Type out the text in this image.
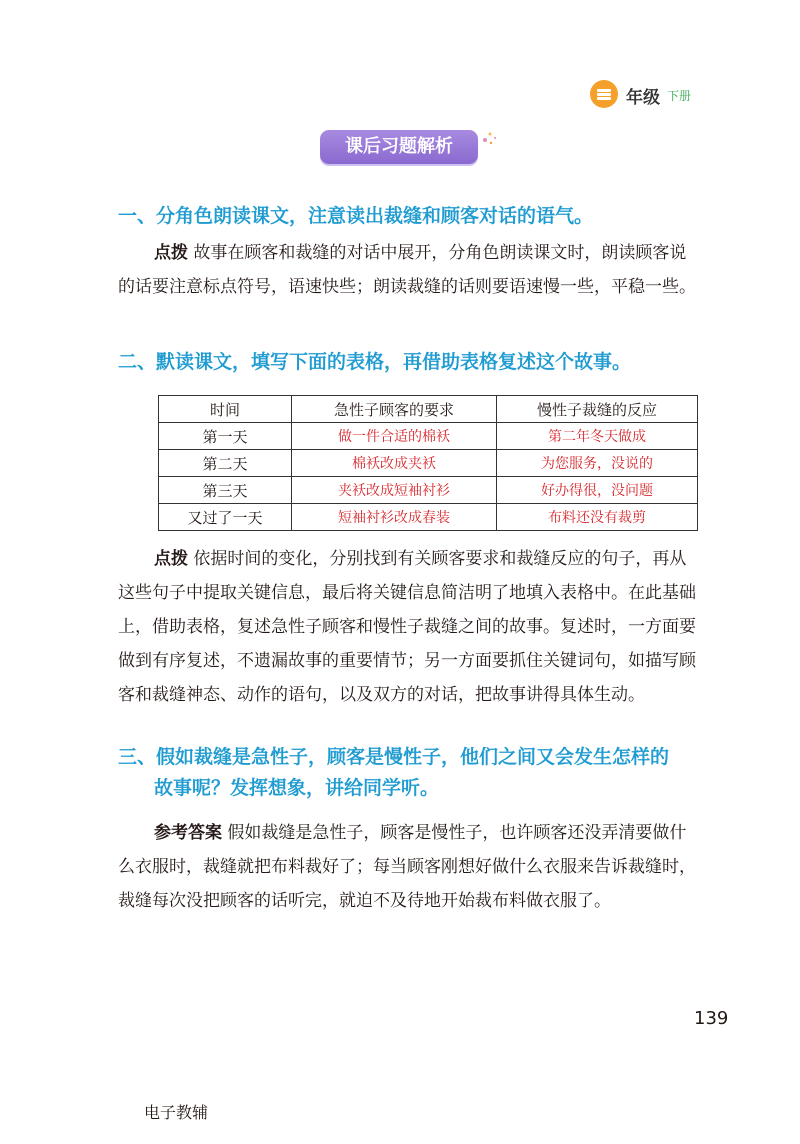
年级 下册
课后习题解析
一、分角色朗读课文，注意读出裁缝和顾客对话的语气。
点拨 故事在顾客和裁缝的对话中展开，分角色朗读课文时，朗读顾客说的话要注意标点符号，语速快些；朗读裁缝的话则要语速慢一些，平稳一些。
二、默读课文，填写下面的表格，再借助表格复述这个故事。
时间	急性子顾客的要求	慢性子裁缝的反应
第一天	做一件合适的棉袄	第二年冬天做成
第二天	棉袄改成夹袄	为您服务，没说的
第三天	夹袄改成短袖衬衫	好办得很，没问题
又过了一天	短袖衬衫改成春装	布料还没有裁剪
点拨 依据时间的变化，分别找到有关顾客要求和裁缝反应的句子，再从这些句子中提取关键信息，最后将关键信息简洁明了地填入表格中。在此基础上，借助表格，复述急性子顾客和慢性子裁缝之间的故事。复述时，一方面要做到有序复述，不遗漏故事的重要情节；另一方面要抓住关键词句，如描写顾客和裁缝神态、动作的语句，以及双方的对话，把故事讲得具体生动。
三、假如裁缝是急性子，顾客是慢性子，他们之间又会发生怎样的
故事呢？发挥想象，讲给同学听。
参考答案 假如裁缝是急性子，顾客是慢性子，也许顾客还没弄清要做什么衣服时，裁缝就把布料裁好了；每当顾客刚想好做什么衣服来告诉裁缝时，裁缝每次没把顾客的话听完，就迫不及待地开始裁布料做衣服了。
139
电子教辅
